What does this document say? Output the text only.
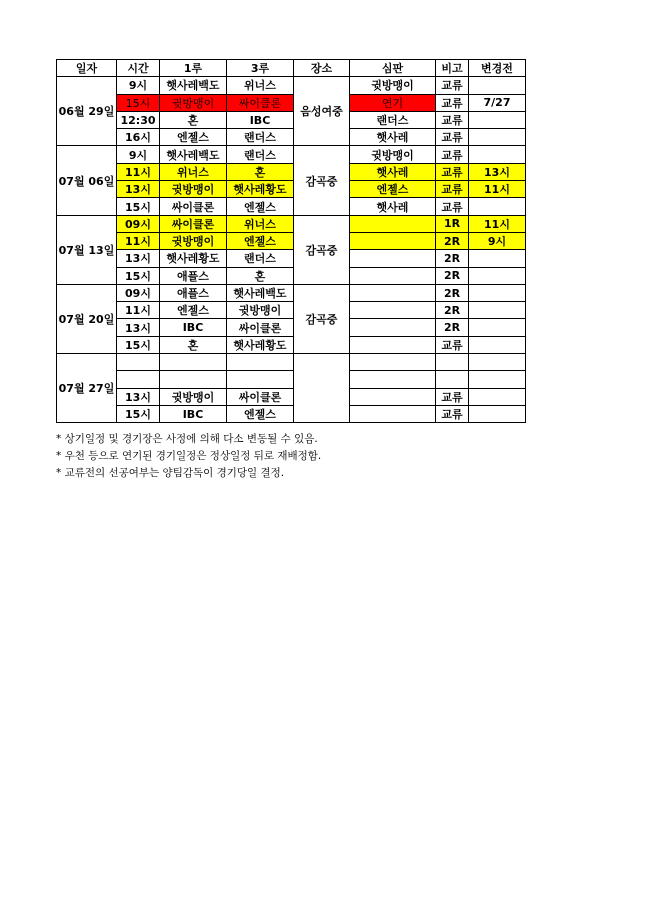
일자	시간	1루	3루	장소	심판	비고	변경전
06월 29일	9시	햇사레백도	위너스	음성여중	귓방맹이	교류	
	15시	귓방맹이	싸이클론		연기	교류	7/27
	12:30	혼	IBC		랜더스	교류	
	16시	엔젤스	랜더스		햇사레	교류	
07월 06일	9시	햇사레백도	랜더스	감곡중	귓방맹이	교류	
	11시	위너스	혼		햇사레	교류	13시
	13시	귓방맹이	햇사레황도		엔젤스	교류	11시
	15시	싸이클론	엔젤스		햇사레	교류	
07월 13일	09시	싸이클론	위너스	감곡중		1R	11시
	11시	귓방맹이	엔젤스			2R	9시
	13시	햇사레황도	랜더스			2R	
	15시	애플스	혼			2R	
07월 20일	09시	애플스	햇사레백도	감곡중		2R	
	11시	엔젤스	귓방맹이			2R	
	13시	IBC	싸이클론			2R	
	15시	혼	햇사레황도			교류	
07월 27일							

	13시	귓방맹이	싸이클론			교류	
	15시	IBC	엔젤스			교류	
* 상기일정 및 경기장은 사정에 의해 다소 변동될 수 있음.
* 우천 등으로 연기된 경기일정은 정상일정 뒤로 재배정함.
* 교류전의 선공여부는 양팀감독이 경기당일 결정.
